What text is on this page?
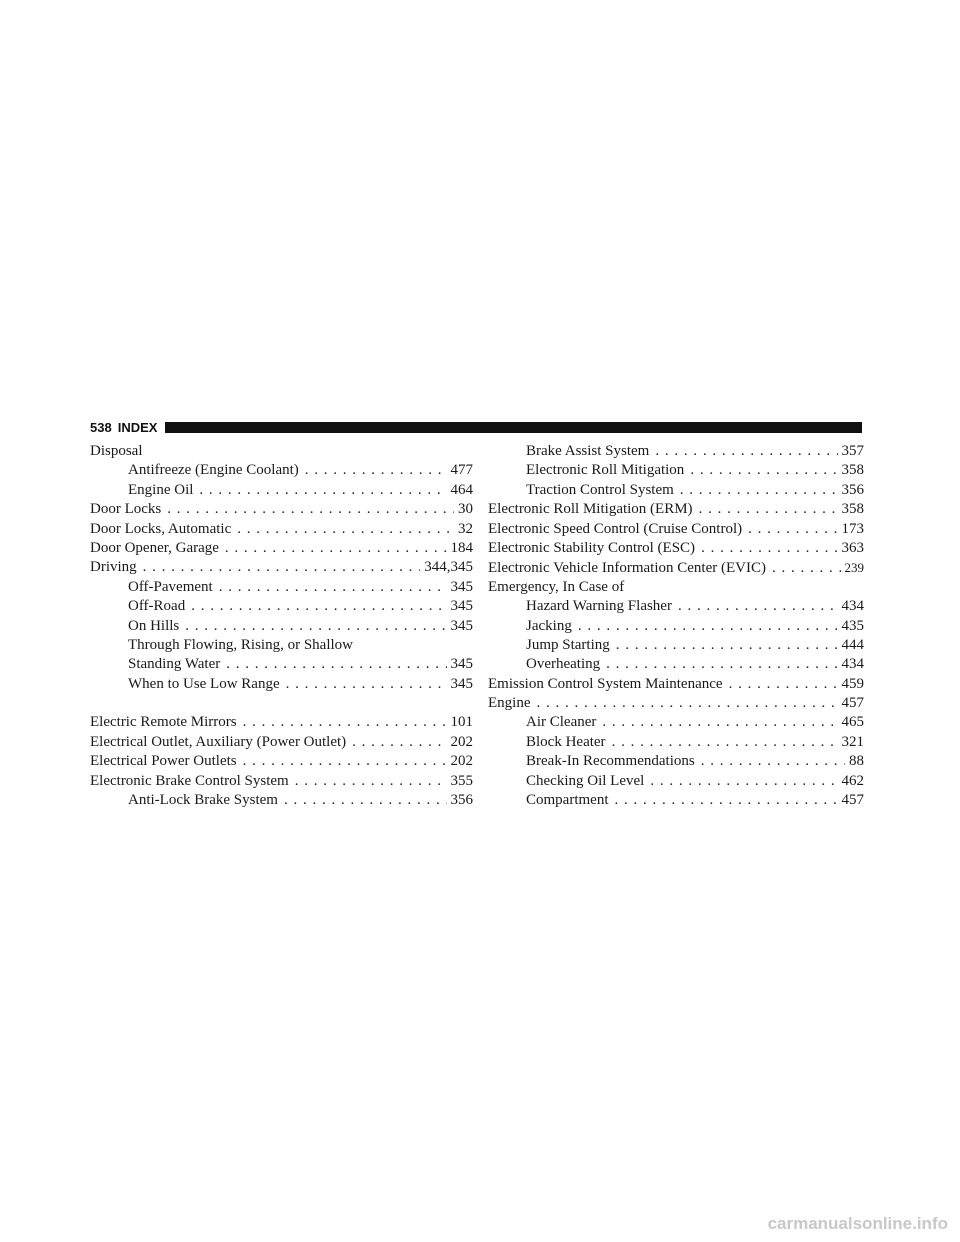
538 INDEX
Disposal
Antifreeze (Engine Coolant) . . .	477
Engine Oil . . .	464
Door Locks . . .	30
Door Locks, Automatic . . .	32
Door Opener, Garage . . .	184
Driving . . .	344,345
Off-Pavement . . .	345
Off-Road . . .	345
On Hills . . .	345
Through Flowing, Rising, or Shallow
Standing Water . . .	345
When to Use Low Range . . .	345
Electric Remote Mirrors . . .	101
Electrical Outlet, Auxiliary (Power Outlet) . . .	202
Electrical Power Outlets . . .	202
Electronic Brake Control System . . .	355
Anti-Lock Brake System . . .	356
Brake Assist System . . .	357
Electronic Roll Mitigation . . .	358
Traction Control System . . .	356
Electronic Roll Mitigation (ERM) . . .	358
Electronic Speed Control (Cruise Control) . . .	173
Electronic Stability Control (ESC) . . .	363
Electronic Vehicle Information Center (EVIC) . . .	239
Emergency, In Case of
Hazard Warning Flasher . . .	434
Jacking . . .	435
Jump Starting . . .	444
Overheating . . .	434
Emission Control System Maintenance . . .	459
Engine . . .	457
Air Cleaner . . .	465
Block Heater . . .	321
Break-In Recommendations . . .	88
Checking Oil Level . . .	462
Compartment . . .	457
carmanualsonline.info
